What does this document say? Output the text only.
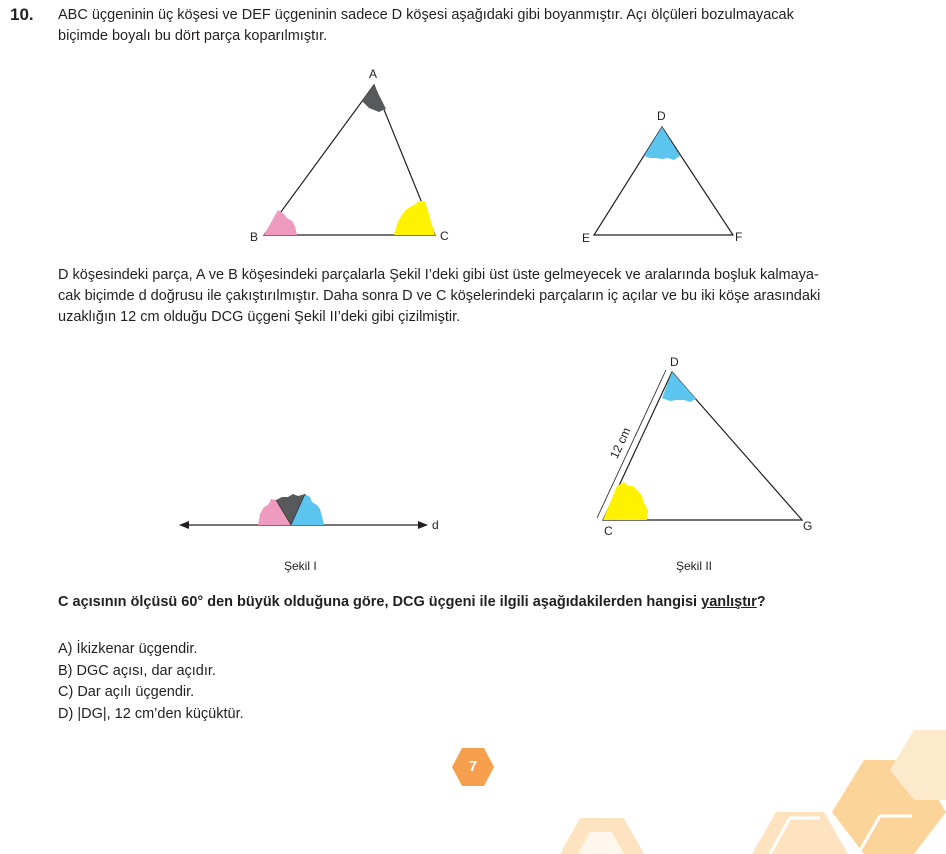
10. ABC üçgeninin üç köşesi ve DEF üçgeninin sadece D köşesi aşağıdaki gibi boyanmıştır. Açı ölçüleri bozulmayacak
biçimde boyalı bu dört parça koparılmıştır.
A
B	C
D
E	F
D köşesindeki parça, A ve B köşesindeki parçalarla Şekil I’deki gibi üst üste gelmeyecek ve aralarında boşluk kalmaya-
cak biçimde d doğrusu ile çakıştırılmıştır. Daha sonra D ve C köşelerindeki parçaların iç açılar ve bu iki köşe arasındaki
uzaklığın 12 cm olduğu DCG üçgeni Şekil II’deki gibi çizilmiştir.
d
Şekil I
D
C	G
12 cm
Şekil II
C açısının ölçüsü 60° den büyük olduğuna göre, DCG üçgeni ile ilgili aşağıdakilerden hangisi yanlıştır?
A) İkizkenar üçgendir.
B) DGC açısı, dar açıdır.
C) Dar açılı üçgendir.
D) |DG|, 12 cm’den küçüktür.
7
